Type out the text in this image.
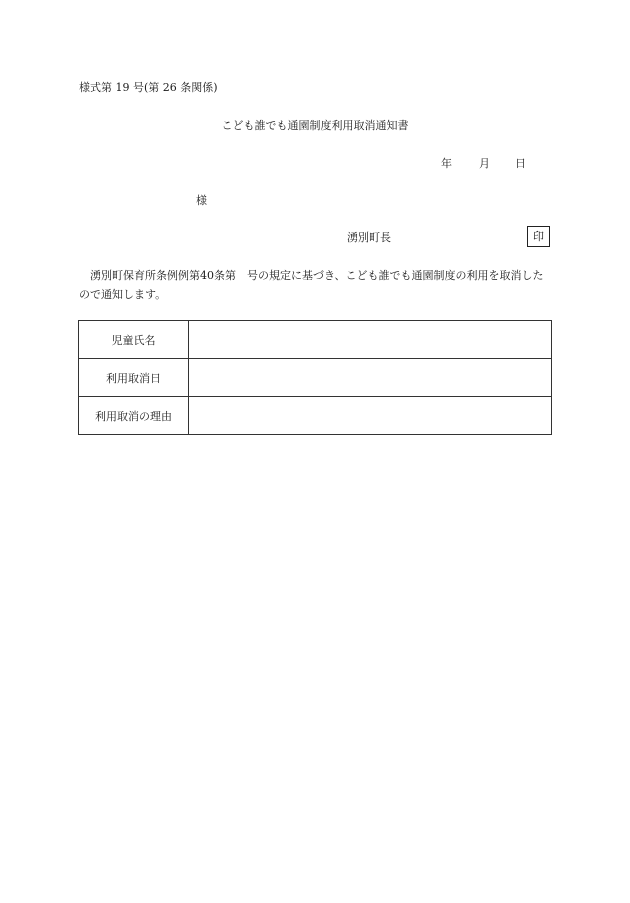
様式第 19 号(第 26 条関係)
こども誰でも通園制度利用取消通知書
年 月 日
様
湧別町長	印
湧別町保育所条例例第40条第　号の規定に基づき、こども誰でも通園制度の利用を取消したので通知します。
児童氏名	
利用取消日	
利用取消の理由	
